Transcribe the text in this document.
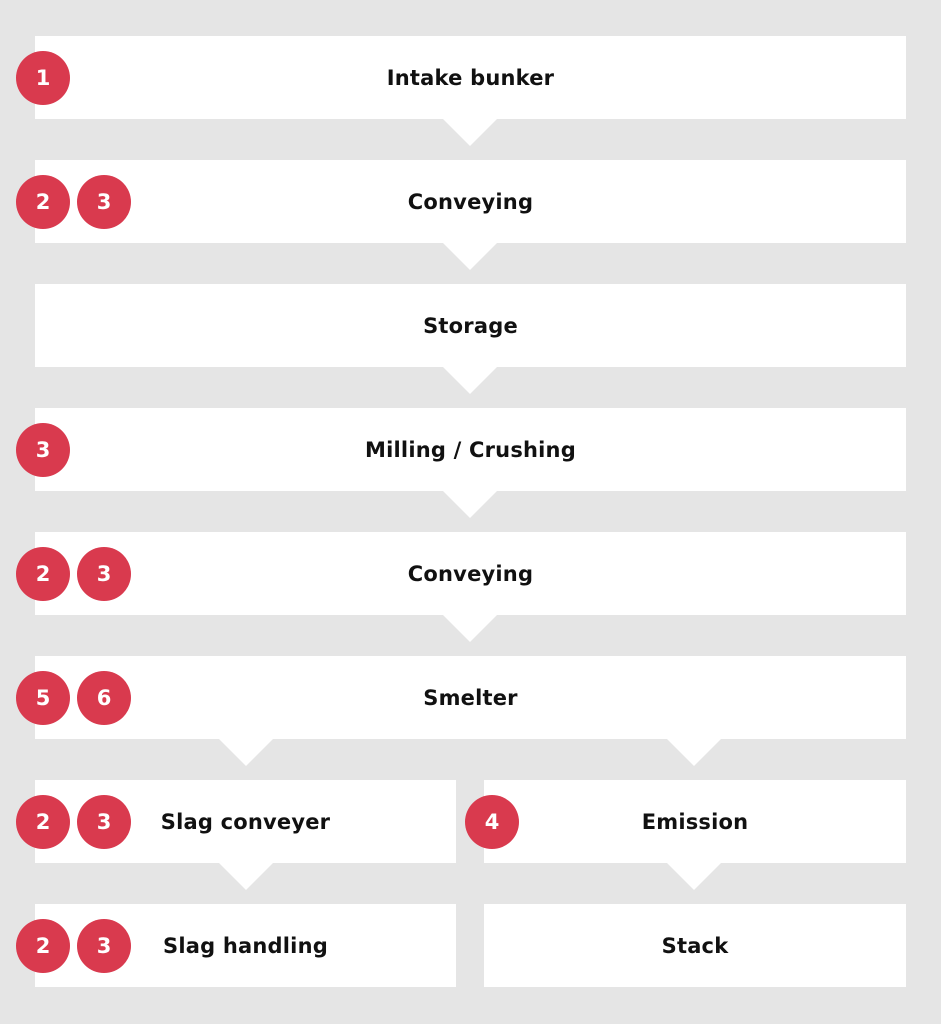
Intake bunker
1
Conveying
2	3
Storage
Milling / Crushing
3
Conveying
2	3
Smelter
5	6
Slag conveyer
2	3	Emission
4
Slag handling
2	3	Stack
